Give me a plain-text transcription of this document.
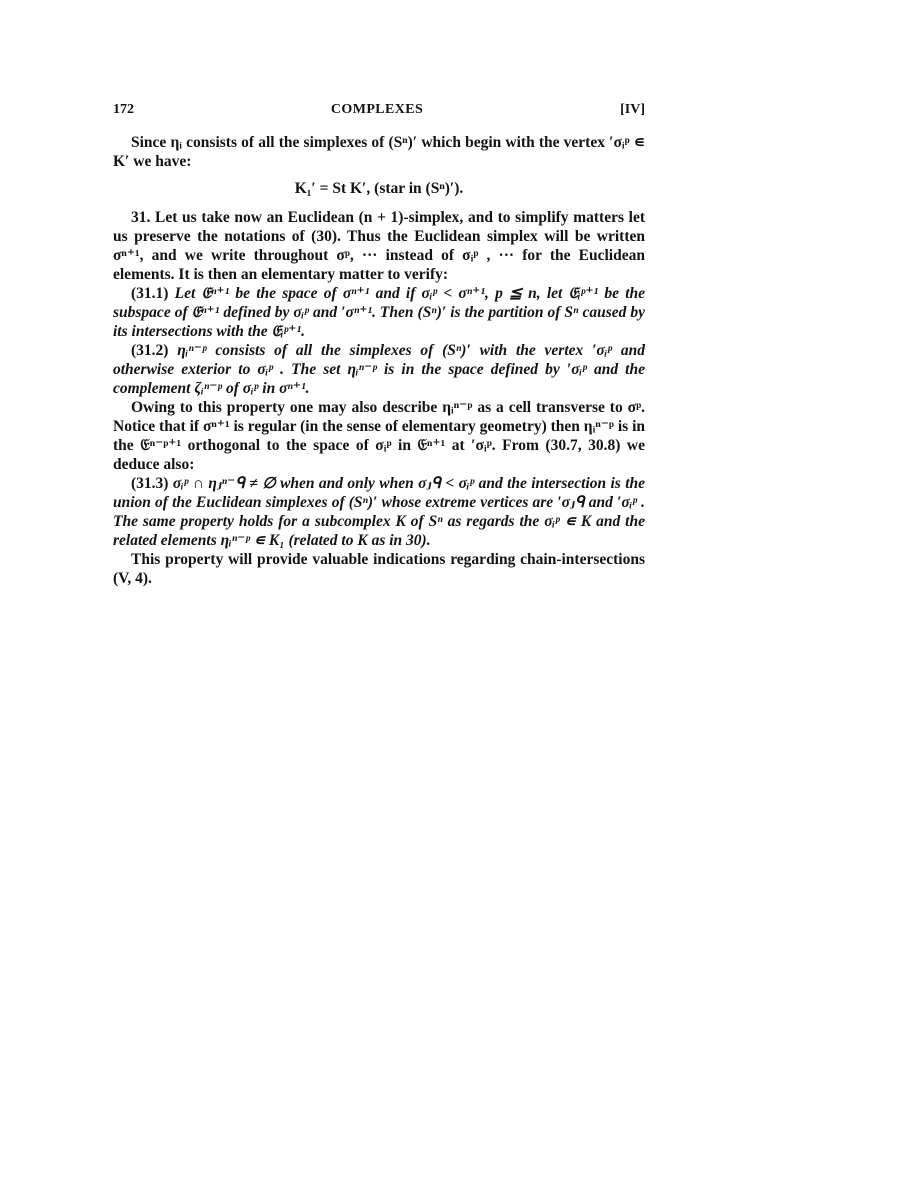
172	COMPLEXES	[IV]

Since ηᵢ consists of all the simplexes of (Sⁿ)′ which begin with the vertex ′σᵢᵖ ∊ K′ we have:

K₁′ = St K′, (star in (Sⁿ)′).

31. Let us take now an Euclidean (n + 1)-simplex, and to simplify matters let us preserve the notations of (30). Thus the Euclidean simplex will be written σⁿ⁺¹, and we write throughout σᵖ, ··· instead of σᵢᵖ , ··· for the Euclidean elements. It is then an elementary matter to verify:

(31.1) Let 𝔈ⁿ⁺¹ be the space of σⁿ⁺¹ and if σᵢᵖ < σⁿ⁺¹, p ≦ n, let 𝔈ᵢᵖ⁺¹ be the subspace of 𝔈ⁿ⁺¹ defined by σᵢᵖ and ′σⁿ⁺¹. Then (Sⁿ)′ is the partition of Sⁿ caused by its intersections with the 𝔈ᵢᵖ⁺¹.

(31.2) ηᵢⁿ⁻ᵖ consists of all the simplexes of (Sⁿ)′ with the vertex ′σᵢᵖ and otherwise exterior to σᵢᵖ . The set ηᵢⁿ⁻ᵖ is in the space defined by ′σᵢᵖ and the complement ζᵢⁿ⁻ᵖ of σᵢᵖ in σⁿ⁺¹.

Owing to this property one may also describe ηᵢⁿ⁻ᵖ as a cell transverse to σᵖ. Notice that if σⁿ⁺¹ is regular (in the sense of elementary geometry) then ηᵢⁿ⁻ᵖ is in the 𝔈ⁿ⁻ᵖ⁺¹ orthogonal to the space of σᵢᵖ in 𝔈ⁿ⁺¹ at ′σᵢᵖ. From (30.7, 30.8) we deduce also:

(31.3) σᵢᵖ ∩ ηⱼⁿ⁻ᑫ ≠ ∅ when and only when σⱼᑫ < σᵢᵖ and the intersection is the union of the Euclidean simplexes of (Sⁿ)′ whose extreme vertices are ′σⱼᑫ and ′σᵢᵖ . The same property holds for a subcomplex K of Sⁿ as regards the σᵢᵖ ∊ K and the related elements ηᵢⁿ⁻ᵖ ∊ K₁ (related to K as in 30).

This property will provide valuable indications regarding chain-intersections (V, 4).
